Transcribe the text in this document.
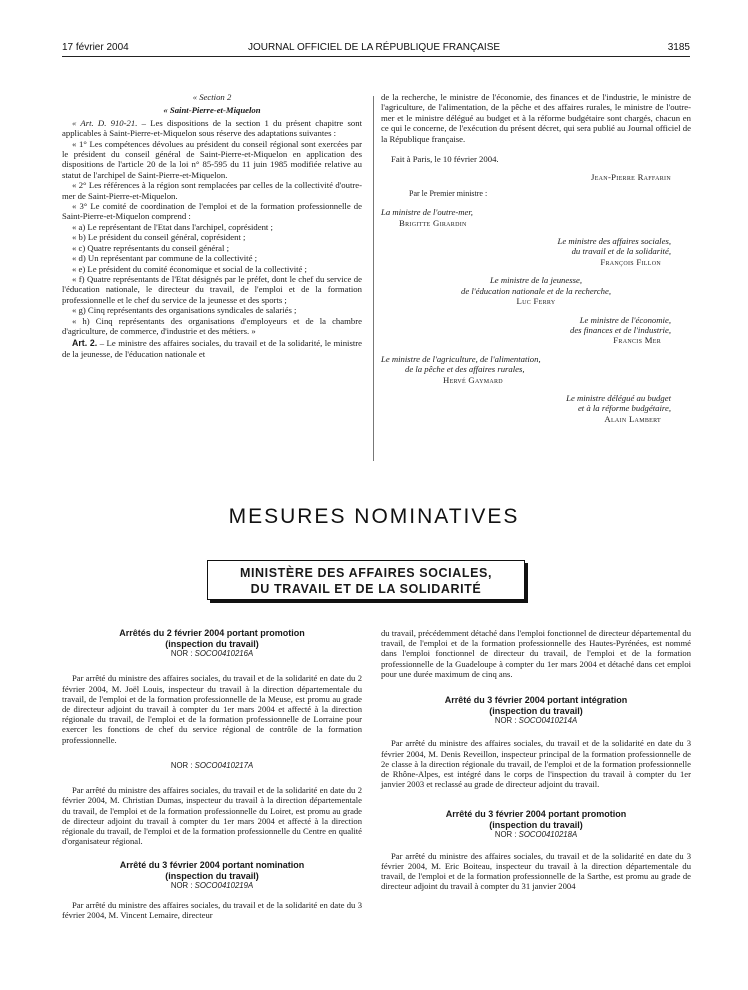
17 février 2004	JOURNAL OFFICIEL DE LA RÉPUBLIQUE FRANÇAISE	3185

« Section 2

« Saint-Pierre-et-Miquelon

« Art. D. 910-21. – Les dispositions de la section 1 du présent chapitre sont applicables à Saint-Pierre-et-Miquelon sous réserve des adaptations suivantes :

« 1° Les compétences dévolues au président du conseil régional sont exercées par le président du conseil général de Saint-Pierre-et-Miquelon en application des dispositions de l'article 20 de la loi n° 85-595 du 11 juin 1985 modifiée relative au statut de l'archipel de Saint-Pierre-et-Miquelon.

« 2° Les références à la région sont remplacées par celles de la collectivité d'outre-mer de Saint-Pierre-et-Miquelon.

« 3° Le comité de coordination de l'emploi et de la formation professionnelle de Saint-Pierre-et-Miquelon comprend :

« a) Le représentant de l'Etat dans l'archipel, coprésident ;

« b) Le président du conseil général, coprésident ;

« c) Quatre représentants du conseil général ;

« d) Un représentant par commune de la collectivité ;

« e) Le président du comité économique et social de la collectivité ;

« f) Quatre représentants de l'Etat désignés par le préfet, dont le chef du service de l'éducation nationale, le directeur du travail, de l'emploi et de la formation professionnelle et le chef du service de la jeunesse et des sports ;

« g) Cinq représentants des organisations syndicales de salariés ;

« h) Cinq représentants des organisations d'employeurs et de la chambre d'agriculture, de commerce, d'industrie et des métiers. »

Art. 2. – Le ministre des affaires sociales, du travail et de la solidarité, le ministre de la jeunesse, de l'éducation nationale et

de la recherche, le ministre de l'économie, des finances et de l'industrie, le ministre de l'agriculture, de l'alimentation, de la pêche et des affaires rurales, le ministre de l'outre-mer et le ministre délégué au budget et à la réforme budgétaire sont chargés, chacun en ce qui le concerne, de l'exécution du présent décret, qui sera publié au Journal officiel de la République française.

Fait à Paris, le 10 février 2004.

Jean-Pierre Raffarin

Par le Premier ministre :

La ministre de l'outre-mer,

Brigitte Girardin

Le ministre des affaires sociales,

du travail et de la solidarité,

François Fillon

Le ministre de la jeunesse,

de l'éducation nationale et de la recherche,

Luc Ferry

Le ministre de l'économie,

des finances et de l'industrie,

Francis Mer

Le ministre de l'agriculture, de l'alimentation,

de la pêche et des affaires rurales,

Hervé Gaymard

Le ministre délégué au budget

et à la réforme budgétaire,

Alain Lambert

MESURES NOMINATIVES
MINISTÈRE DES AFFAIRES SOCIALES,
DU TRAVAIL ET DE LA SOLIDARITÉ

Arrêtés du 2 février 2004 portant promotion

(inspection du travail)

NOR : SOCO0410216A

Par arrêté du ministre des affaires sociales, du travail et de la solidarité en date du 2 février 2004, M. Joël Louis, inspecteur du travail à la direction départementale du travail, de l'emploi et de la formation professionnelle de la Meuse, est promu au grade de directeur adjoint du travail à compter du 1er mars 2004 et affecté à la direction régionale du travail, de l'emploi et de la formation professionnelle de Lorraine pour exercer les fonctions de chef du service régional de contrôle de la formation professionnelle.

NOR : SOCO0410217A

Par arrêté du ministre des affaires sociales, du travail et de la solidarité en date du 2 février 2004, M. Christian Dumas, inspecteur du travail à la direction départementale du travail, de l'emploi et de la formation professionnelle du Loiret, est promu au grade de directeur adjoint du travail à compter du 1er mars 2004 et affecté à la direction régionale du travail, de l'emploi et de la formation professionnelle du Centre en qualité d'organisateur régional.

Arrêté du 3 février 2004 portant nomination

(inspection du travail)

NOR : SOCO0410219A

Par arrêté du ministre des affaires sociales, du travail et de la solidarité en date du 3 février 2004, M. Vincent Lemaire, directeur

du travail, précédemment détaché dans l'emploi fonctionnel de directeur départemental du travail, de l'emploi et de la formation professionnelle des Hautes-Pyrénées, est nommé dans l'emploi fonctionnel de directeur du travail, de l'emploi et de la formation professionnelle de la Guadeloupe à compter du 1er mars 2004 et détaché dans cet emploi pour une durée maximum de cinq ans.

Arrêté du 3 février 2004 portant intégration

(inspection du travail)

NOR : SOCO0410214A

Par arrêté du ministre des affaires sociales, du travail et de la solidarité en date du 3 février 2004, M. Denis Reveillon, inspecteur principal de la formation professionnelle de 2e classe à la direction régionale du travail, de l'emploi et de la formation professionnelle de Rhône-Alpes, est intégré dans le corps de l'inspection du travail à compter du 1er janvier 2003 et reclassé au grade de directeur adjoint du travail.

Arrêté du 3 février 2004 portant promotion

(inspection du travail)

NOR : SOCO0410218A

Par arrêté du ministre des affaires sociales, du travail et de la solidarité en date du 3 février 2004, M. Eric Boiteau, inspecteur du travail à la direction départementale du travail, de l'emploi et de la formation professionnelle de la Sarthe, est promu au grade de directeur adjoint du travail à compter du 31 janvier 2004
